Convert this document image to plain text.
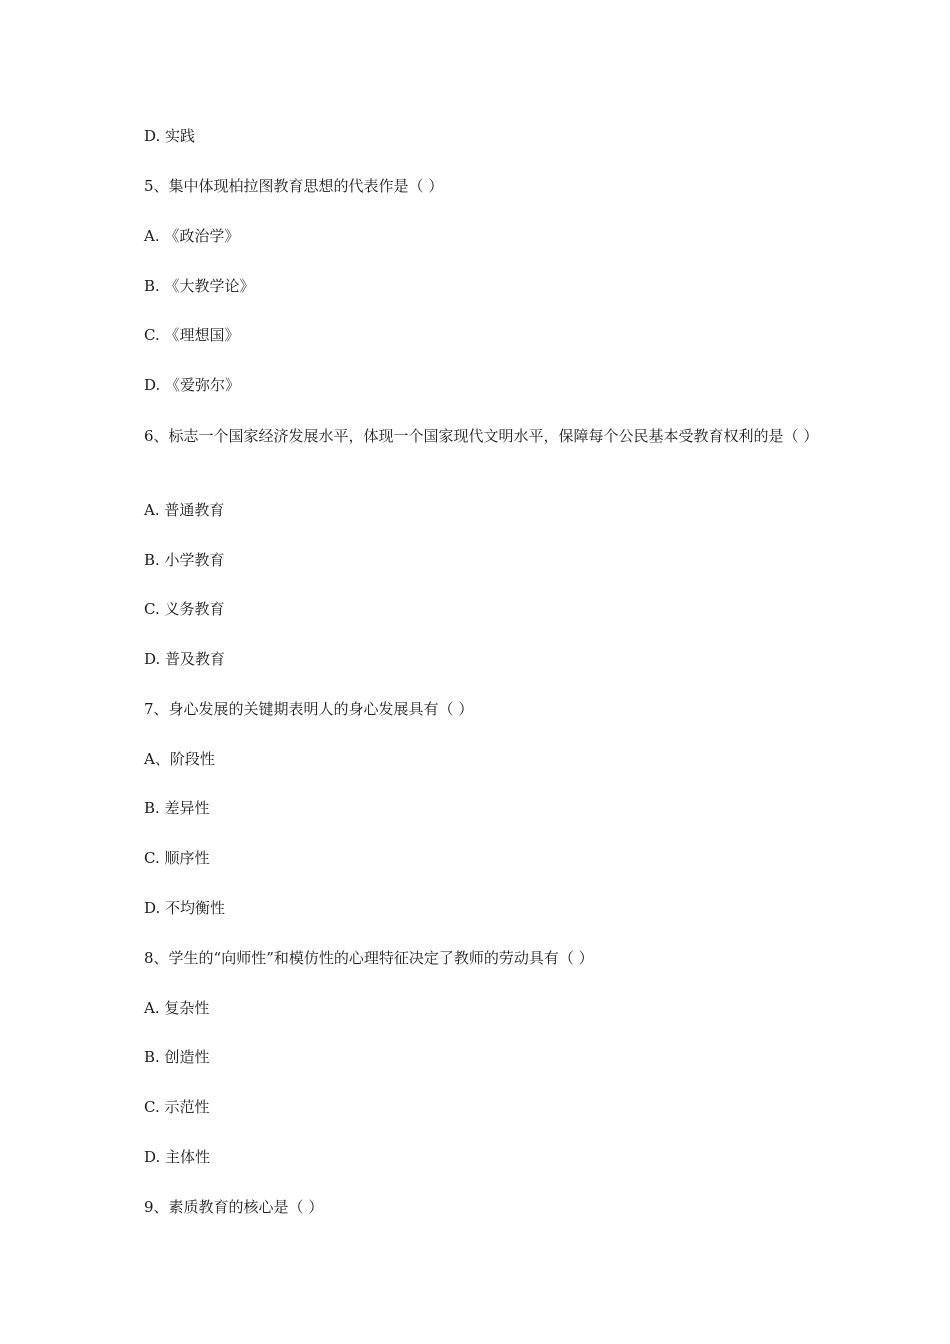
D. 实践
5、集中体现柏拉图教育思想的代表作是（ ）
A. 《政治学》
B. 《大教学论》
C. 《理想国》
D. 《爱弥尔》
6、标志一个国家经济发展水平，体现一个国家现代文明水平，保障每个公民基本受教育权利的是（ ）
A. 普通教育
B. 小学教育
C. 义务教育
D. 普及教育
7、身心发展的关键期表明人的身心发展具有（ ）
A、阶段性
B. 差异性
C. 顺序性
D. 不均衡性
8、学生的“向师性”和模仿性的心理特征决定了教师的劳动具有（ ）
A. 复杂性
B. 创造性
C. 示范性
D. 主体性
9、素质教育的核心是（ ）
